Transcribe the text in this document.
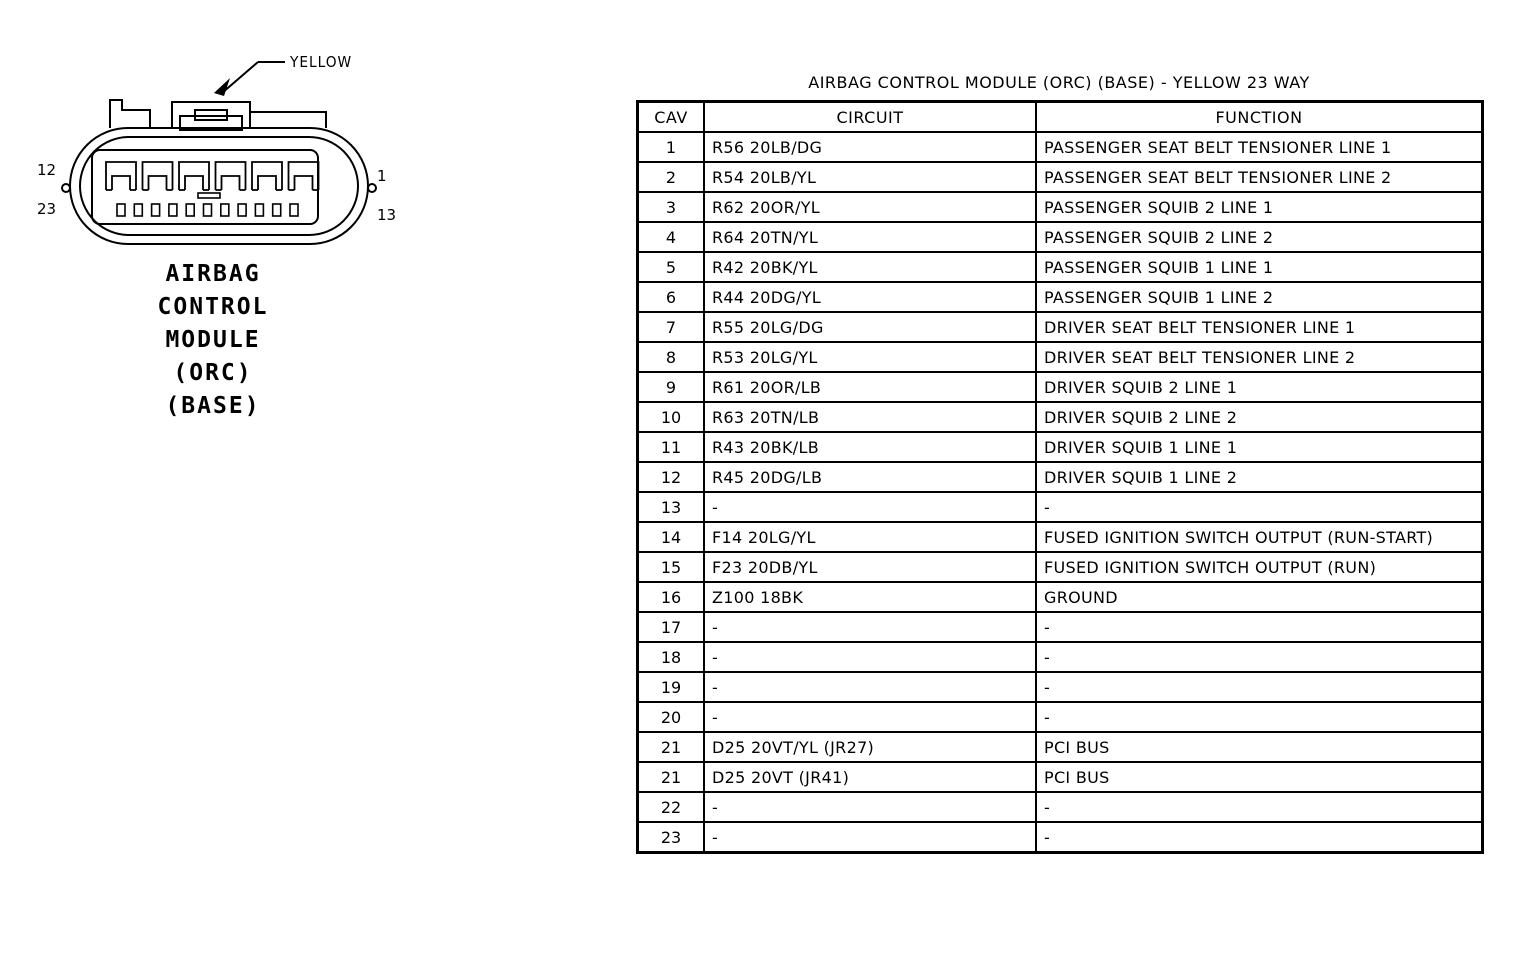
YELLOW
12
23
1
13
AIRBAG
CONTROL
MODULE
(ORC)
(BASE)
AIRBAG CONTROL MODULE (ORC) (BASE) - YELLOW 23 WAY
CAV	CIRCUIT	FUNCTION
1	R56 20LB/DG	PASSENGER SEAT BELT TENSIONER LINE 1
2	R54 20LB/YL	PASSENGER SEAT BELT TENSIONER LINE 2
3	R62 20OR/YL	PASSENGER SQUIB 2 LINE 1
4	R64 20TN/YL	PASSENGER SQUIB 2 LINE 2
5	R42 20BK/YL	PASSENGER SQUIB 1 LINE 1
6	R44 20DG/YL	PASSENGER SQUIB 1 LINE 2
7	R55 20LG/DG	DRIVER SEAT BELT TENSIONER LINE 1
8	R53 20LG/YL	DRIVER SEAT BELT TENSIONER LINE 2
9	R61 20OR/LB	DRIVER SQUIB 2 LINE 1
10	R63 20TN/LB	DRIVER SQUIB 2 LINE 2
11	R43 20BK/LB	DRIVER SQUIB 1 LINE 1
12	R45 20DG/LB	DRIVER SQUIB 1 LINE 2
13	-	-
14	F14 20LG/YL	FUSED IGNITION SWITCH OUTPUT (RUN-START)
15	F23 20DB/YL	FUSED IGNITION SWITCH OUTPUT (RUN)
16	Z100 18BK	GROUND
17	-	-
18	-	-
19	-	-
20	-	-
21	D25 20VT/YL (JR27)	PCI BUS
21	D25 20VT (JR41)	PCI BUS
22	-	-
23	-	-
